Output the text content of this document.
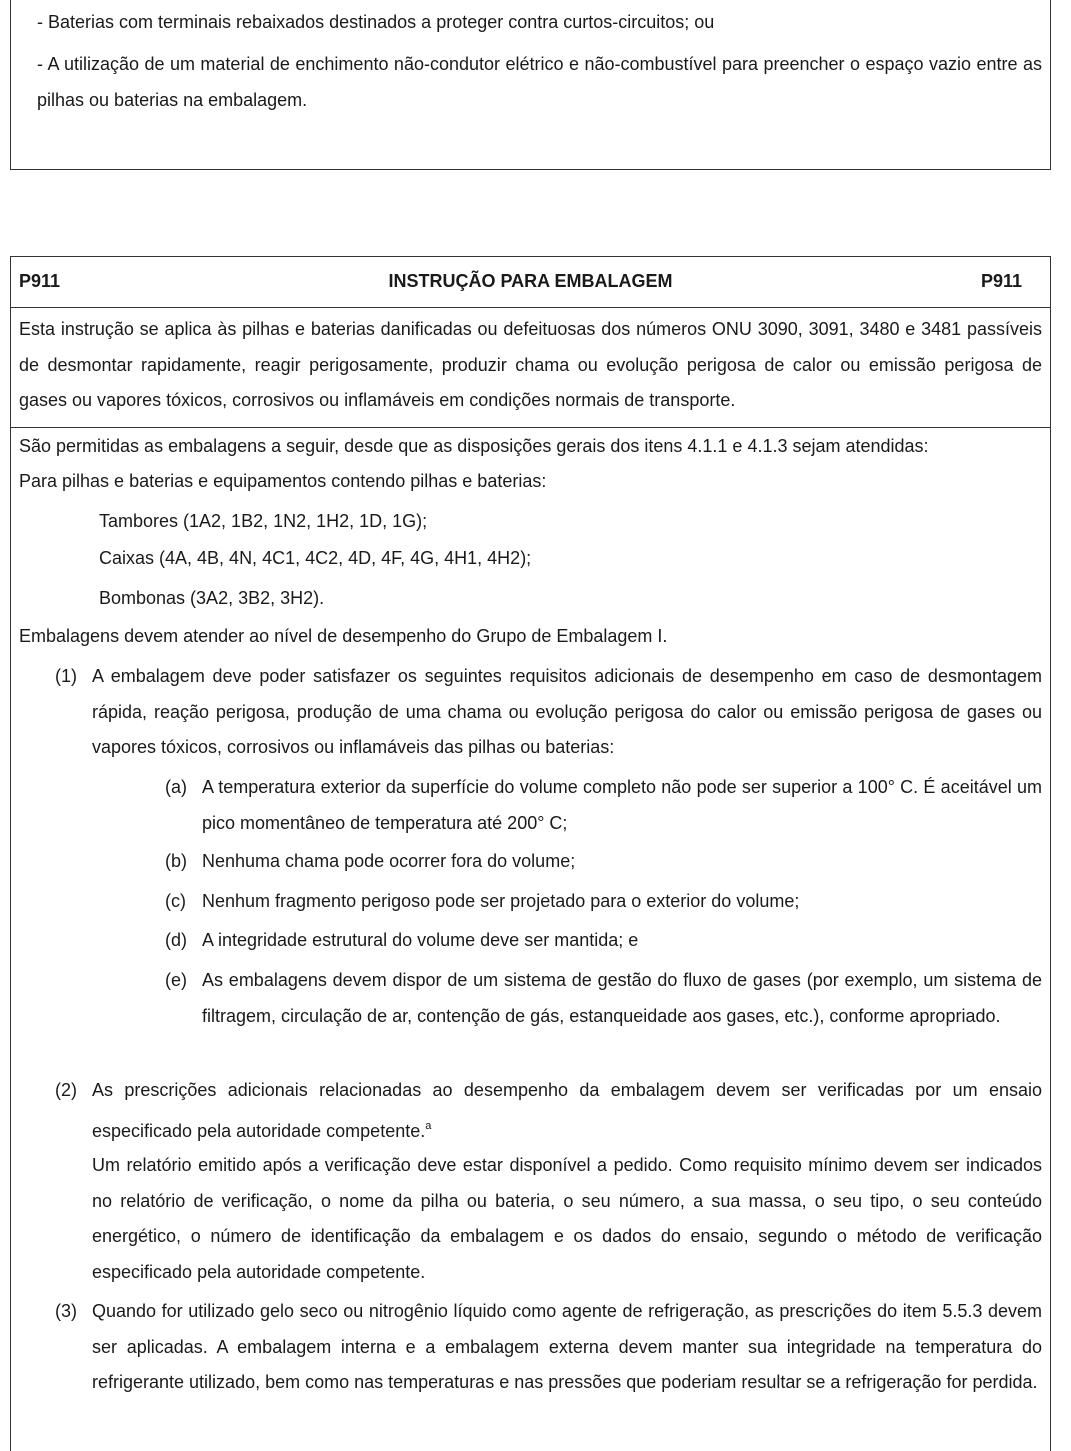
- Baterias com terminais rebaixados destinados a proteger contra curtos-circuitos; ou
- A utilização de um material de enchimento não-condutor elétrico e não-combustível para preencher o espaço vazio entre as pilhas ou baterias na embalagem.
P911	INSTRUÇÃO PARA EMBALAGEM	P911

Esta instrução se aplica às pilhas e baterias danificadas ou defeituosas dos números ONU 3090, 3091, 3480 e 3481 passíveis de desmontar rapidamente, reagir perigosamente, produzir chama ou evolução perigosa de calor ou emissão perigosa de gases ou vapores tóxicos, corrosivos ou inflamáveis em condições normais de transporte.

São permitidas as embalagens a seguir, desde que as disposições gerais dos itens 4.1.1 e 4.1.3 sejam atendidas:
Para pilhas e baterias e equipamentos contendo pilhas e baterias:
Tambores (1A2, 1B2, 1N2, 1H2, 1D, 1G);
Caixas (4A, 4B, 4N, 4C1, 4C2, 4D, 4F, 4G, 4H1, 4H2);
Bombonas (3A2, 3B2, 3H2).
Embalagens devem atender ao nível de desempenho do Grupo de Embalagem I.
(1) A embalagem deve poder satisfazer os seguintes requisitos adicionais de desempenho em caso de desmontagem rápida, reação perigosa, produção de uma chama ou evolução perigosa do calor ou emissão perigosa de gases ou vapores tóxicos, corrosivos ou inflamáveis das pilhas ou baterias:
(a) A temperatura exterior da superfície do volume completo não pode ser superior a 100° C. É aceitável um pico momentâneo de temperatura até 200° C;
(b) Nenhuma chama pode ocorrer fora do volume;
(c) Nenhum fragmento perigoso pode ser projetado para o exterior do volume;
(d) A integridade estrutural do volume deve ser mantida; e
(e) As embalagens devem dispor de um sistema de gestão do fluxo de gases (por exemplo, um sistema de filtragem, circulação de ar, contenção de gás, estanqueidade aos gases, etc.), conforme apropriado.
(2) As prescrições adicionais relacionadas ao desempenho da embalagem devem ser verificadas por um ensaio especificado pela autoridade competente.$^a$
Um relatório emitido após a verificação deve estar disponível a pedido. Como requisito mínimo devem ser indicados no relatório de verificação, o nome da pilha ou bateria, o seu número, a sua massa, o seu tipo, o seu conteúdo energético, o número de identificação da embalagem e os dados do ensaio, segundo o método de verificação especificado pela autoridade competente.
(3) Quando for utilizado gelo seco ou nitrogênio líquido como agente de refrigeração, as prescrições do item 5.5.3 devem ser aplicadas. A embalagem interna e a embalagem externa devem manter sua integridade na temperatura do refrigerante utilizado, bem como nas temperaturas e nas pressões que poderiam resultar se a refrigeração for perdida.
